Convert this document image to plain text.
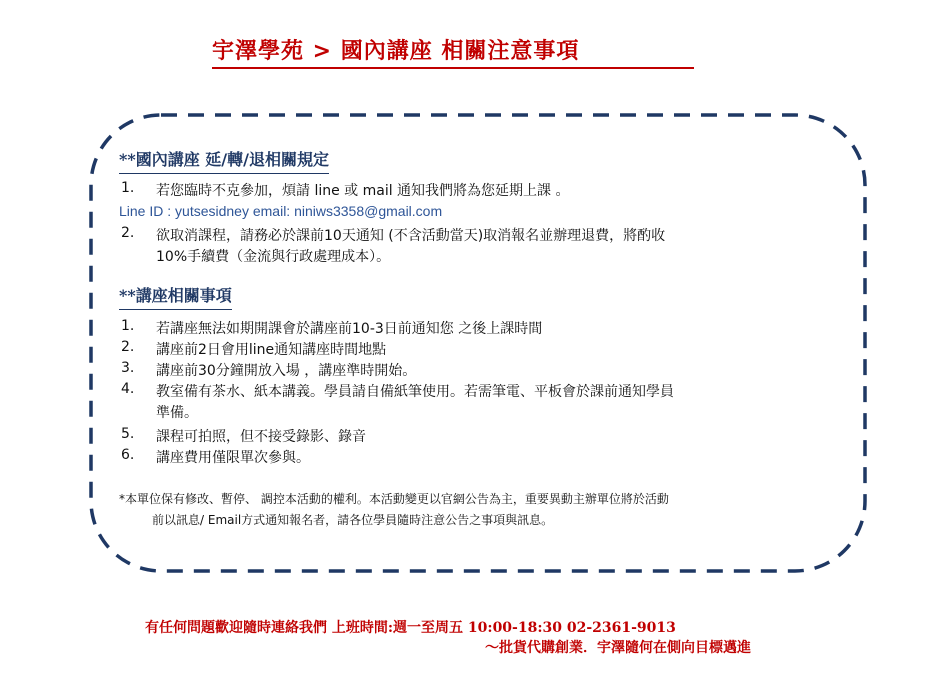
宇澤學苑 > 國內講座 相關注意事項
**國內講座 延/轉/退相關規定
1. 若您臨時不克參加，煩請 line 或 mail 通知我們將為您延期上課 。
Line ID : yutsesidney email: niniws3358@gmail.com
2. 欲取消課程，請務必於課前10天通知 (不含活動當天)取消報名並辦理退費，將酌收
10%手續費（金流與行政處理成本）。
**講座相關事項
1. 若講座無法如期開課會於講座前10-3日前通知您 之後上課時間
2. 講座前2日會用line通知講座時間地點
3. 講座前30分鐘開放入場 ，講座準時開始。
4. 教室備有茶水、紙本講義。學員請自備紙筆使用。若需筆電、平板會於課前通知學員
準備。
5. 課程可拍照，但不接受錄影、錄音
6. 講座費用僅限單次參與。
*本單位保有修改、暫停、 調控本活動的權利。本活動變更以官網公告為主，重要異動主辦單位將於活動
前以訊息/ Email方式通知報名者，請各位學員隨時注意公告之事項與訊息。
有任何問題歡迎隨時連絡我們 上班時間:週一至周五 10:00-18:30 02-2361-9013
～批貨代購創業．宇澤隨何在側向目標邁進
